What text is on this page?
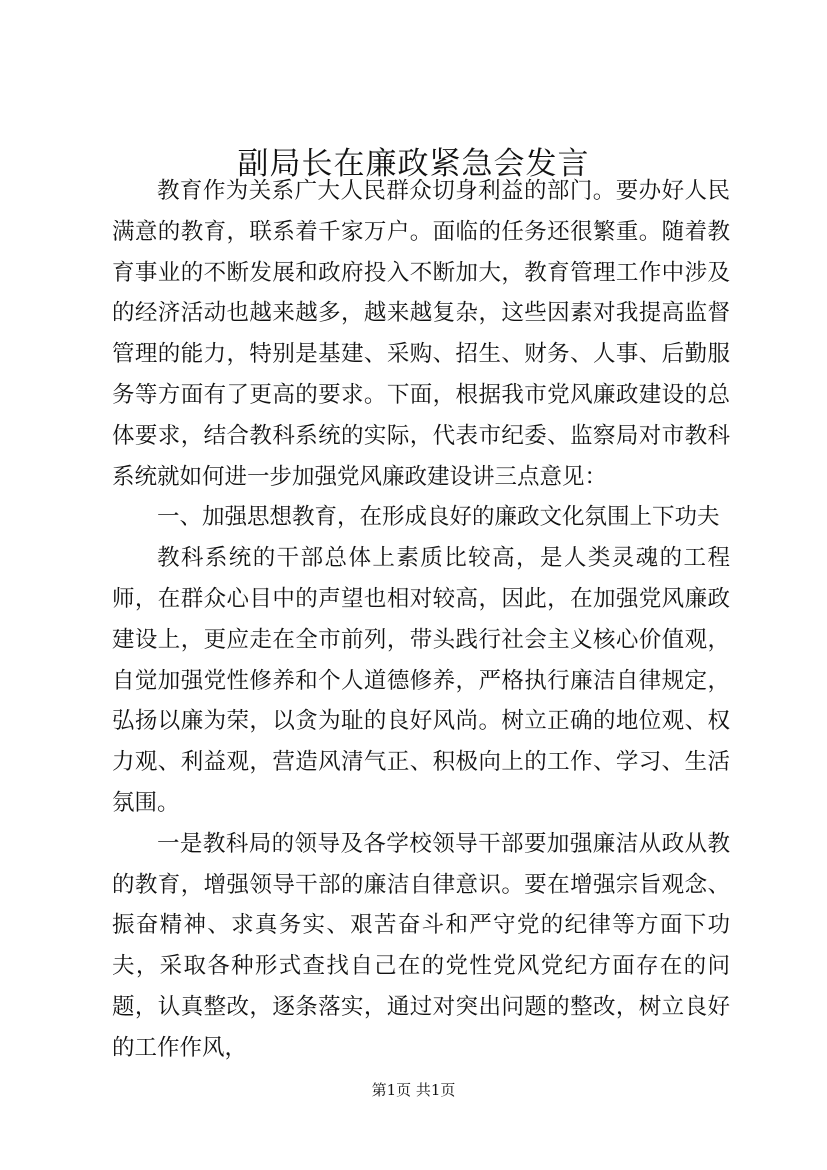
副局长在廉政紧急会发言

教育作为关系广大人民群众切身利益的部门。要办好人民满意的教育，联系着千家万户。面临的任务还很繁重。随着教育事业的不断发展和政府投入不断加大，教育管理工作中涉及的经济活动也越来越多，越来越复杂，这些因素对我提高监督管理的能力，特别是基建、采购、招生、财务、人事、后勤服务等方面有了更高的要求。下面，根据我市党风廉政建设的总体要求，结合教科系统的实际，代表市纪委、监察局对市教科系统就如何进一步加强党风廉政建设讲三点意见：

一、加强思想教育，在形成良好的廉政文化氛围上下功夫

教科系统的干部总体上素质比较高，是人类灵魂的工程师，在群众心目中的声望也相对较高，因此，在加强党风廉政建设上，更应走在全市前列，带头践行社会主义核心价值观，自觉加强党性修养和个人道德修养，严格执行廉洁自律规定，弘扬以廉为荣，以贪为耻的良好风尚。树立正确的地位观、权力观、利益观，营造风清气正、积极向上的工作、学习、生活氛围。

一是教科局的领导及各学校领导干部要加强廉洁从政从教的教育，增强领导干部的廉洁自律意识。要在增强宗旨观念、振奋精神、求真务实、艰苦奋斗和严守党的纪律等方面下功夫，采取各种形式查找自己在的党性党风党纪方面存在的问题，认真整改，逐条落实，通过对突出问题的整改，树立良好的工作作风，

第1页 共1页
